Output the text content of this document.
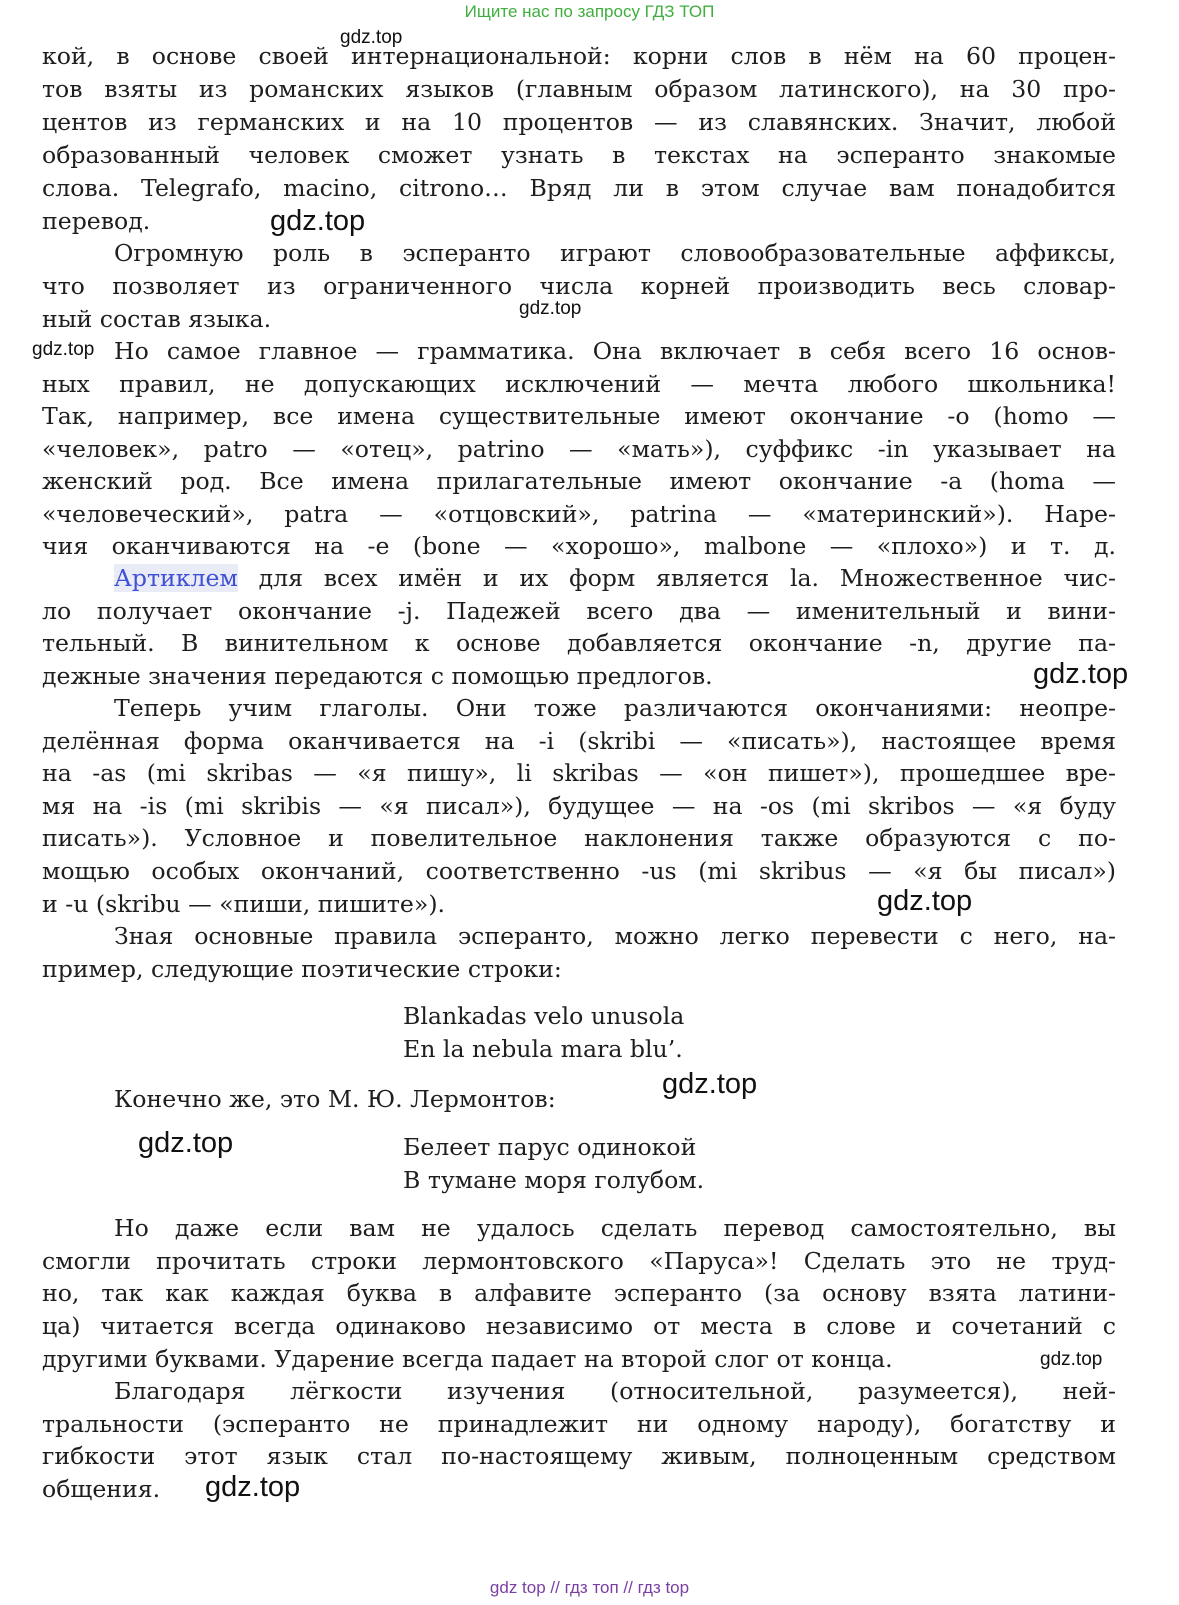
Ищите нас по запросу ГДЗ ТОП
кой, в основе своей интернациональной: корни слов в нём на 60 процен-
тов взяты из романских языков (главным образом латинского), на 30 про-
центов из германских и на 10 процентов — из славянских. Значит, любой
образованный человек сможет узнать в текстах на эсперанто знакомые
слова. Telegrafo, macino, citrono… Вряд ли в этом случае вам понадобится
перевод.
Огромную роль в эсперанто играют словообразовательные аффиксы,
что позволяет из ограниченного числа корней производить весь словар-
ный состав языка.
Но самое главное — грамматика. Она включает в себя всего 16 основ-
ных правил, не допускающих исключений — мечта любого школьника!
Так, например, все имена существительные имеют окончание -о (homo —
«человек», patro — «отец», patrino — «мать»), суффикс -in указывает на
женский род. Все имена прилагательные имеют окончание -а (homa —
«человеческий», patra — «отцовский», patrina — «материнский»). Наре-
чия оканчиваются на -е (bone — «хорошо», malbone — «плохо») и т. д.
Артиклем для всех имён и их форм является la. Множественное чис-
ло получает окончание -j. Падежей всего два — именительный и вини-
тельный. В винительном к основе добавляется окончание -n, другие па-
дежные значения передаются с помощью предлогов.
Теперь учим глаголы. Они тоже различаются окончаниями: неопре-
делённая форма оканчивается на -i (skribi — «писать»), настоящее время
на -as (mi skribas — «я пишу», li skribas — «он пишет»), прошедшее вре-
мя на -is (mi skribis — «я писал»), будущее — на -os (mi skribos — «я буду
писать»). Условное и повелительное наклонения также образуются с по-
мощью особых окончаний, соответственно -us (mi skribus — «я бы писал»)
и -u (skribu — «пиши, пишите»).
Зная основные правила эсперанто, можно легко перевести с него, на-
пример, следующие поэтические строки:
Конечно же, это М. Ю. Лермонтов:
Но даже если вам не удалось сделать перевод самостоятельно, вы
смогли прочитать строки лермонтовского «Паруса»! Сделать это не труд-
но, так как каждая буква в алфавите эсперанто (за основу взята латини-
ца) читается всегда одинаково независимо от места в слове и сочетаний с
другими буквами. Ударение всегда падает на второй слог от конца.
Благодаря лёгкости изучения (относительной, разумеется), ней-
тральности (эсперанто не принадлежит ни одному народу), богатству и
гибкости этот язык стал по-настоящему живым, полноценным средством
общения.
Blankadas velo unusola
En la nebula mara blu’.
Белеет парус одинокой
В тумане моря голубом.
gdz.top
gdz.top
gdz.top
gdz.top
gdz.top
gdz.top
gdz.top
gdz.top
gdz.top
gdz.top
gdz top // гдз топ // гдз top
